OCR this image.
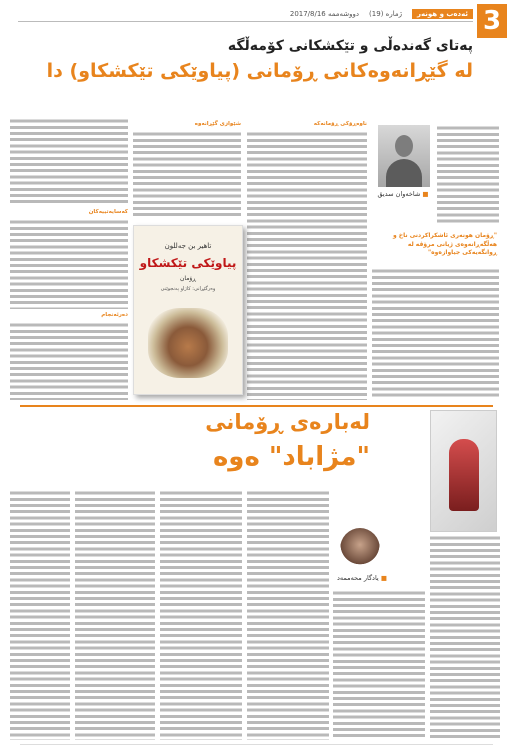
دووشەممە 2017/8/16 ژمارە (19)	ئەدەب و هونەر 3
پەتای گەندەڵی و تێکشکانی کۆمەڵگە
لە گێڕانەوەکانی ڕۆمانی (پیاوێکی تێکشکاو) دا
کەسایەتییەکان
دەرئەنجام
شێوازی گێڕانەوە	ناوەڕۆکی ڕۆمانەکە
■ شاخەوان سدیق
"ڕۆمان هونەری ئاشکراکردنی ناخ و هەڵگەڕانەوەی ژیانی مرۆڤە لە ڕوانگەیەکی جیاوازەوە"
تاهیر بن جەللون
پیاوێکی تێکشکاو
ڕۆمان
وەرگێڕانی: کاژاو پەنجوێنی
لەبارەی ڕۆمانی
"مژاباد" ەوە
■ یادگار محەممەد
